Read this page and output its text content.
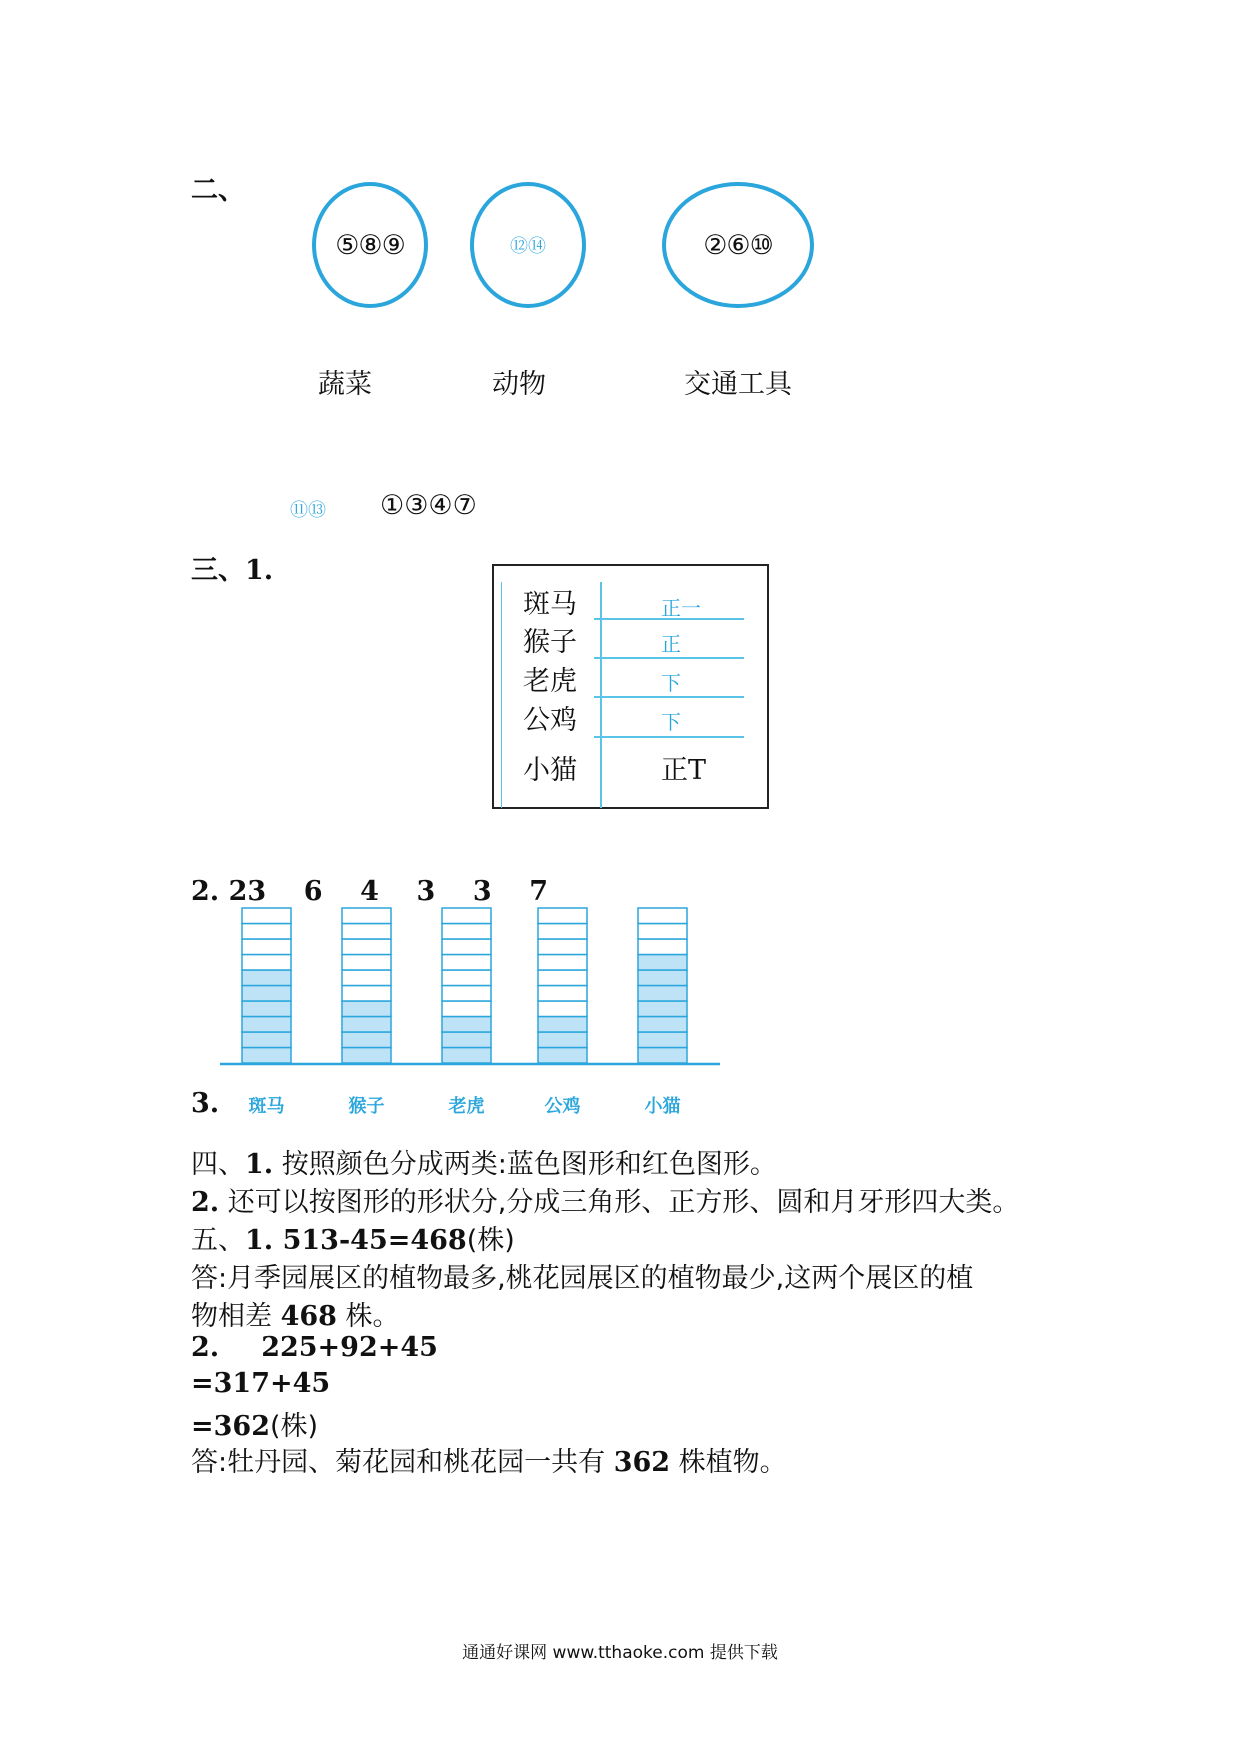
二、
⑤⑧⑨	⑫⑭	②⑥⑩
蔬菜	动物	交通工具
⑪⑬ ①③④⑦
三、1.
斑马	正一
猴子	正
老虎	下
公鸡	下
小猫	正T
2. 23    6    4    3    3    7
3.
四、1. 按照颜色分成两类:蓝色图形和红色图形。
2. 还可以按图形的形状分,分成三角形、正方形、圆和月牙形四大类。
五、1. 513-45=468(株)
答:月季园展区的植物最多,桃花园展区的植物最少,这两个展区的植
物相差 468 株。
2. 225+92+45
=317+45
=362(株)
答:牡丹园、菊花园和桃花园一共有 362 株植物。
通通好课网 www.tthaoke.com 提供下载
斑马	猴子	老虎	公鸡	小猫
